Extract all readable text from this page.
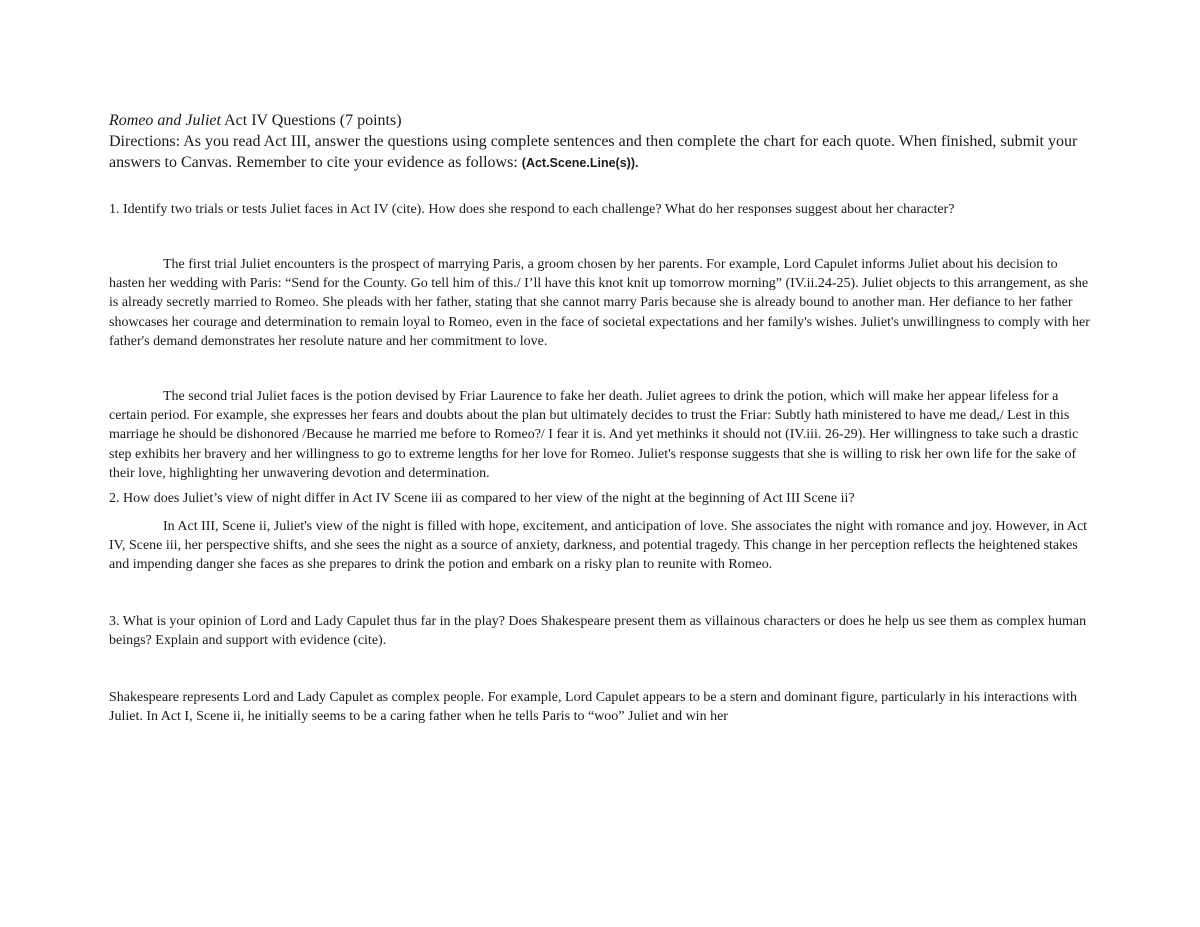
Romeo and Juliet Act IV Questions (7 points)

Directions: As you read Act III, answer the questions using complete sentences and then complete the chart for each quote. When finished, submit your answers to Canvas. Remember to cite your evidence as follows: (Act.Scene.Line(s)).

1. Identify two trials or tests Juliet faces in Act IV (cite). How does she respond to each challenge? What do her responses suggest about her character?

The first trial Juliet encounters is the prospect of marrying Paris, a groom chosen by her parents. For example, Lord Capulet informs Juliet about his decision to hasten her wedding with Paris: “Send for the County. Go tell him of this./ I’ll have this knot knit up tomorrow morning” (IV.ii.24-25). Juliet objects to this arrangement, as she is already secretly married to Romeo. She pleads with her father, stating that she cannot marry Paris because she is already bound to another man. Her defiance to her father showcases her courage and determination to remain loyal to Romeo, even in the face of societal expectations and her family's wishes. Juliet's unwillingness to comply with her father's demand demonstrates her resolute nature and her commitment to love.

The second trial Juliet faces is the potion devised by Friar Laurence to fake her death. Juliet agrees to drink the potion, which will make her appear lifeless for a certain period. For example, she expresses her fears and doubts about the plan but ultimately decides to trust the Friar: Subtly hath ministered to have me dead,/ Lest in this marriage he should be dishonored /Because he married me before to Romeo?/ I fear it is. And yet methinks it should not (IV.iii. 26-29). Her willingness to take such a drastic step exhibits her bravery and her willingness to go to extreme lengths for her love for Romeo. Juliet's response suggests that she is willing to risk her own life for the sake of their love, highlighting her unwavering devotion and determination.

2. How does Juliet’s view of night differ in Act IV Scene iii as compared to her view of the night at the beginning of Act III Scene ii?

In Act III, Scene ii, Juliet's view of the night is filled with hope, excitement, and anticipation of love. She associates the night with romance and joy. However, in Act IV, Scene iii, her perspective shifts, and she sees the night as a source of anxiety, darkness, and potential tragedy. This change in her perception reflects the heightened stakes and impending danger she faces as she prepares to drink the potion and embark on a risky plan to reunite with Romeo.

3. What is your opinion of Lord and Lady Capulet thus far in the play? Does Shakespeare present them as villainous characters or does he help us see them as complex human beings? Explain and support with evidence (cite).

Shakespeare represents Lord and Lady Capulet as complex people. For example, Lord Capulet appears to be a stern and dominant figure, particularly in his interactions with Juliet. In Act I, Scene ii, he initially seems to be a caring father when he tells Paris to “woo” Juliet and win her
